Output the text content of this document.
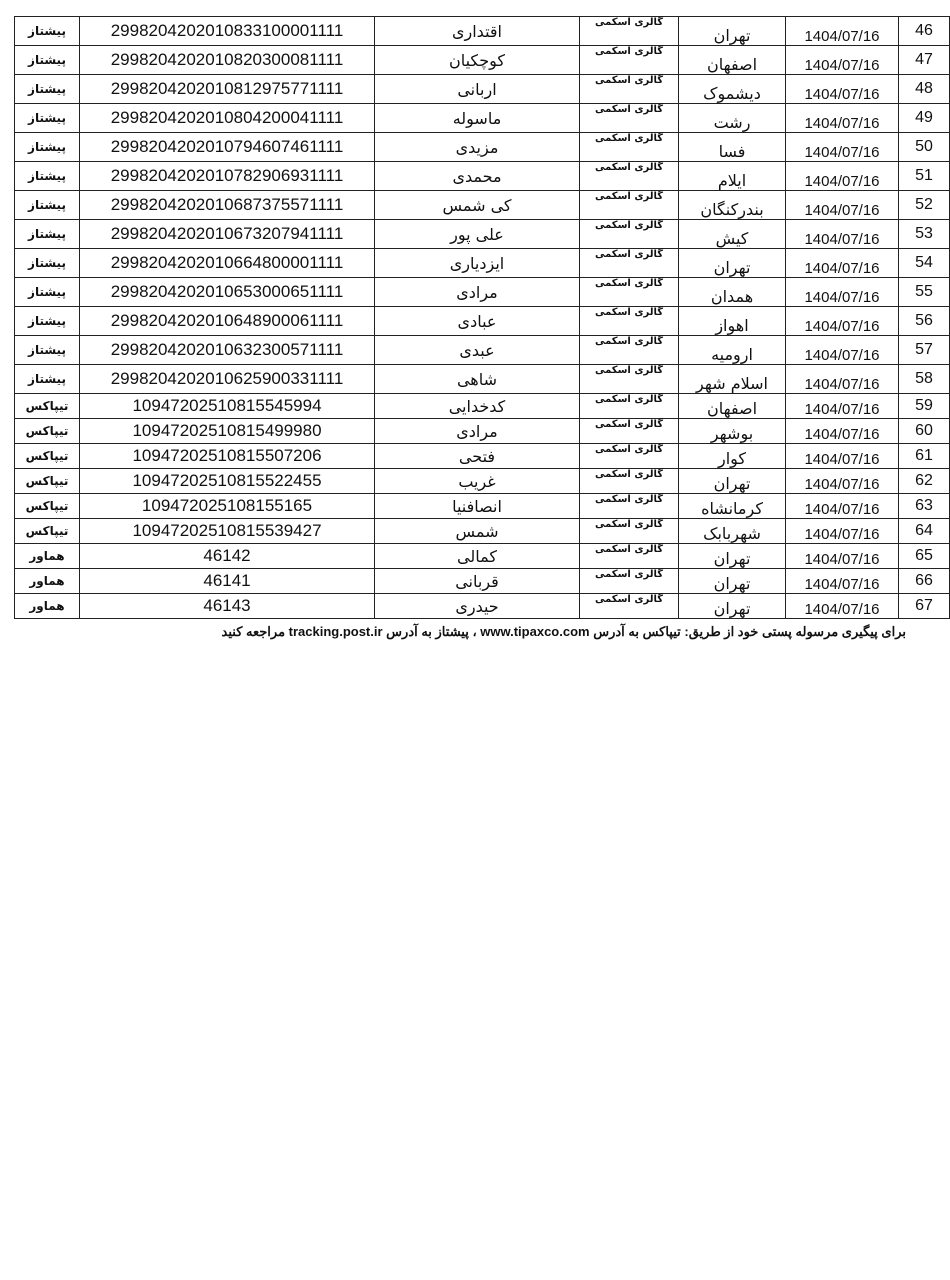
پیشتاز	2998204202010833100001111	اقتداری	گالری اسکمی	تهران	1404/07/16	46
پیشتاز	2998204202010820300081111	کوچکیان	گالری اسکمی	اصفهان	1404/07/16	47
پیشتاز	2998204202010812975771111	اربانی	گالری اسکمی	دیشموک	1404/07/16	48
پیشتاز	2998204202010804200041111	ماسوله	گالری اسکمی	رشت	1404/07/16	49
پیشتاز	2998204202010794607461111	مزیدی	گالری اسکمی	فسا	1404/07/16	50
پیشتاز	2998204202010782906931111	محمدی	گالری اسکمی	ایلام	1404/07/16	51
پیشتاز	2998204202010687375571111	کی شمس	گالری اسکمی	بندرکنگان	1404/07/16	52
پیشتاز	2998204202010673207941111	علی پور	گالری اسکمی	کیش	1404/07/16	53
پیشتاز	2998204202010664800001111	ایزدیاری	گالری اسکمی	تهران	1404/07/16	54
پیشتاز	2998204202010653000651111	مرادی	گالری اسکمی	همدان	1404/07/16	55
پیشتاز	2998204202010648900061111	عبادی	گالری اسکمی	اهواز	1404/07/16	56
پیشتاز	2998204202010632300571111	عبدی	گالری اسکمی	ارومیه	1404/07/16	57
پیشتاز	2998204202010625900331111	شاهی	گالری اسکمی	اسلام شهر	1404/07/16	58
تیپاکس	10947202510815545994	کدخدایی	گالری اسکمی	اصفهان	1404/07/16	59
تیپاکس	10947202510815499980	مرادی	گالری اسکمی	بوشهر	1404/07/16	60
تیپاکس	10947202510815507206	فتحی	گالری اسکمی	کوار	1404/07/16	61
تیپاکس	10947202510815522455	غریب	گالری اسکمی	تهران	1404/07/16	62
تیپاکس	109472025108155165	انصافنیا	گالری اسکمی	کرمانشاه	1404/07/16	63
تیپاکس	10947202510815539427	شمس	گالری اسکمی	شهربابک	1404/07/16	64
هماور	46142	کمالی	گالری اسکمی	تهران	1404/07/16	65
هماور	46141	قربانی	گالری اسکمی	تهران	1404/07/16	66
هماور	46143	حیدری	گالری اسکمی	تهران	1404/07/16	67
برای پیگیری مرسوله پستی خود از طریق: تیپاکس به آدرس www.tipaxco.com ، پیشتاز به آدرس tracking.post.ir مراجعه کنید
